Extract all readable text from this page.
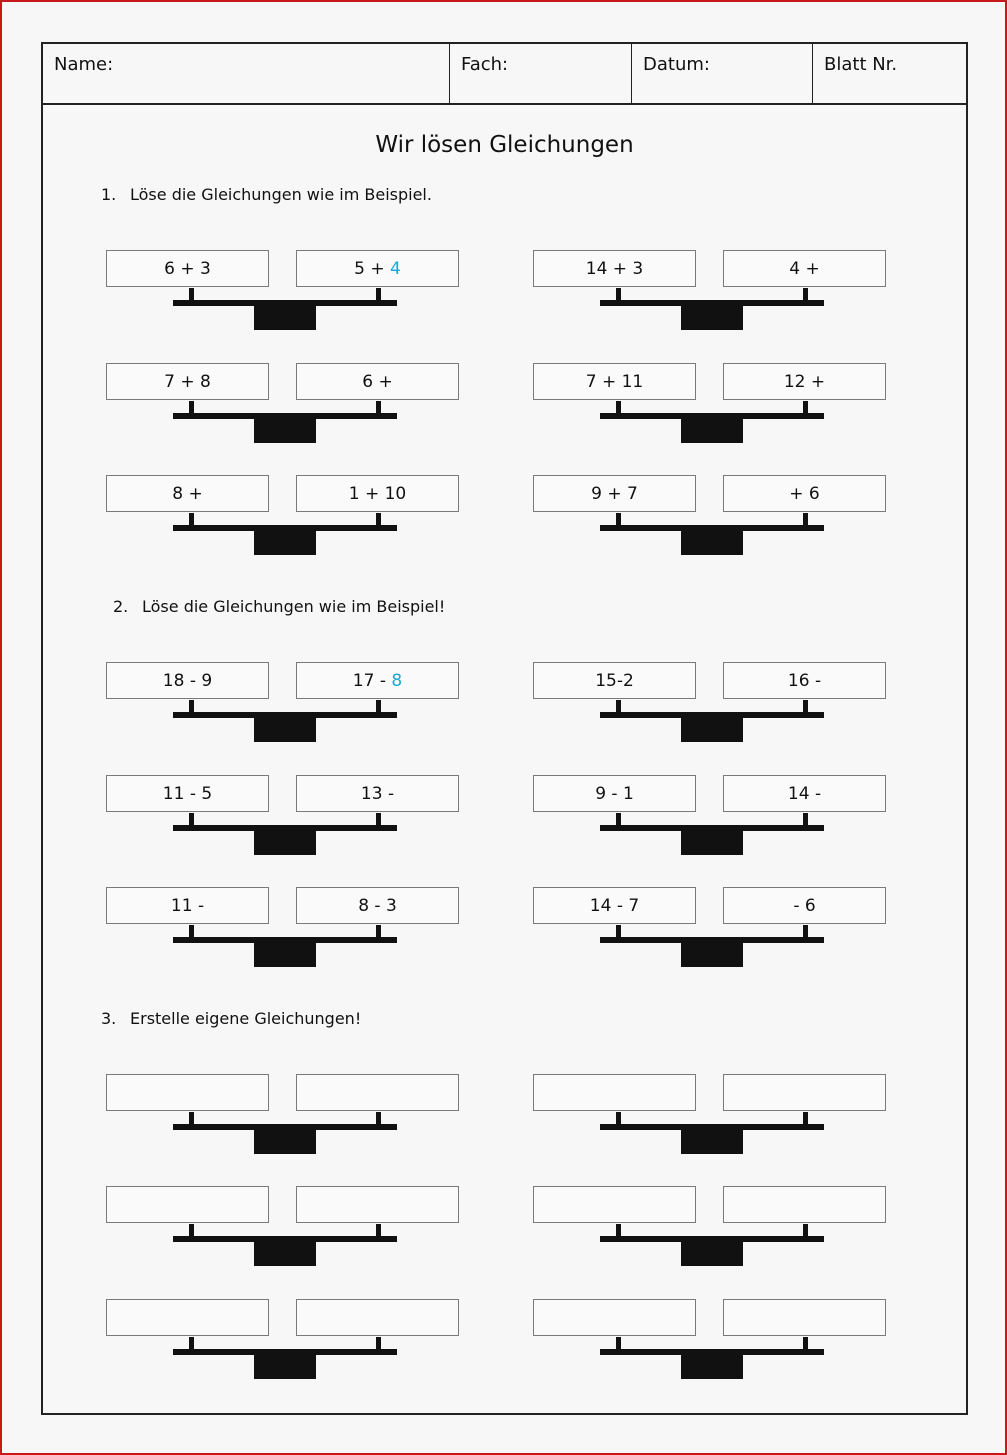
Name:	Fach:	Datum:	Blatt Nr.
Wir lösen Gleichungen
1. Löse die Gleichungen wie im Beispiel.
6 + 3	5 + 4	14 + 3	4 +
7 + 8	6 +	7 + 11	12 +
8 +	1 + 10	9 + 7	+ 6
2. Löse die Gleichungen wie im Beispiel!
18 - 9	17 - 8	15-2	16 -
11 - 5	13 -	9 - 1	14 -
11 -	8 - 3	14 - 7	- 6
3. Erstelle eigene Gleichungen!
